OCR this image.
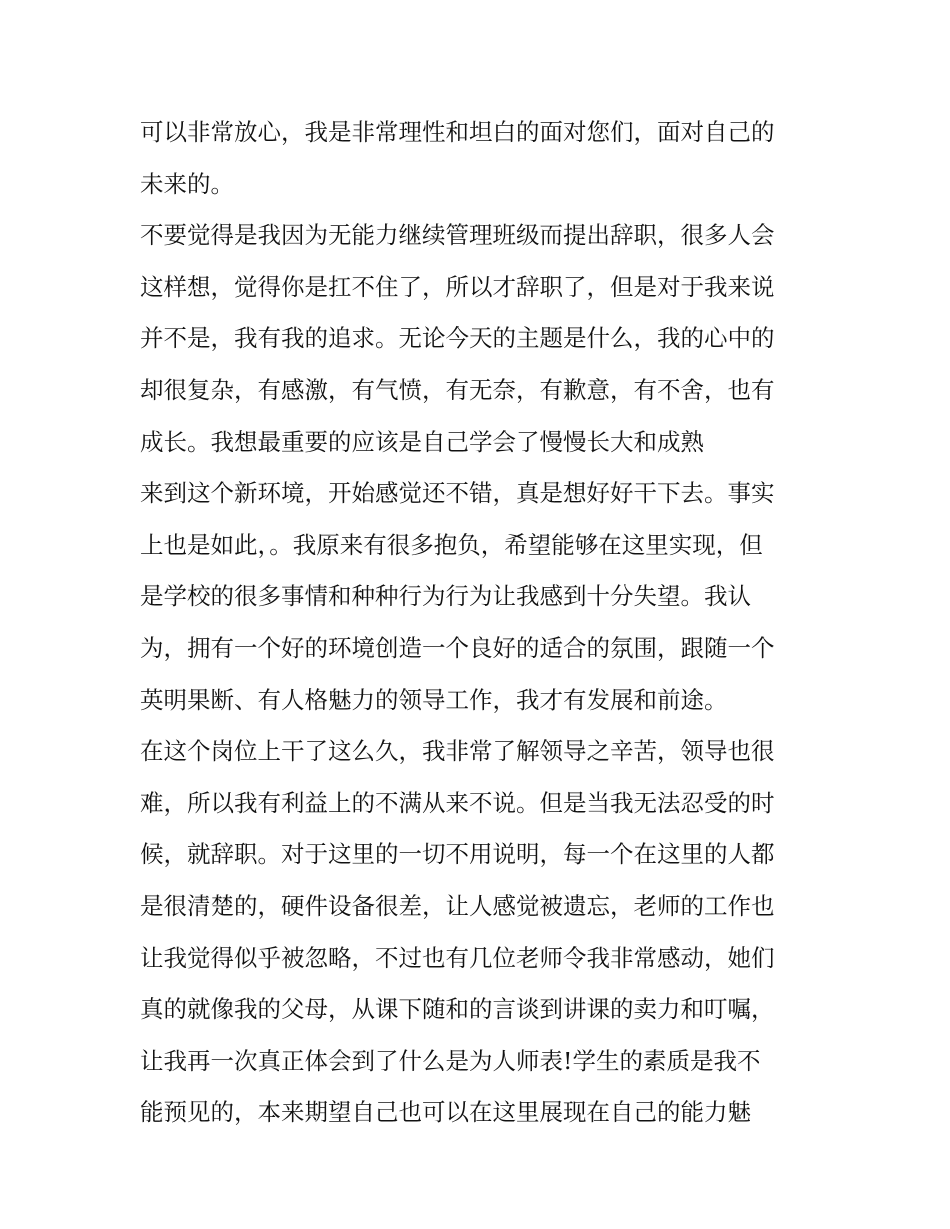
可以非常放心，我是非常理性和坦白的面对您们，面对自己的
未来的。
不要觉得是我因为无能力继续管理班级而提出辞职，很多人会
这样想，觉得你是扛不住了，所以才辞职了，但是对于我来说
并不是，我有我的追求。无论今天的主题是什么，我的心中的
却很复杂，有感激，有气愤，有无奈，有歉意，有不舍，也有
成长。我想最重要的应该是自己学会了慢慢长大和成熟
来到这个新环境，开始感觉还不错，真是想好好干下去。事实
上也是如此，。我原来有很多抱负，希望能够在这里实现，但
是学校的很多事情和种种行为行为让我感到十分失望。我认
为，拥有一个好的环境创造一个良好的适合的氛围，跟随一个
英明果断、有人格魅力的领导工作，我才有发展和前途。
在这个岗位上干了这么久，我非常了解领导之辛苦，领导也很
难，所以我有利益上的不满从来不说。但是当我无法忍受的时
候，就辞职。对于这里的一切不用说明，每一个在这里的人都
是很清楚的，硬件设备很差，让人感觉被遗忘，老师的工作也
让我觉得似乎被忽略，不过也有几位老师令我非常感动，她们
真的就像我的父母，从课下随和的言谈到讲课的卖力和叮嘱，
让我再一次真正体会到了什么是为人师表!学生的素质是我不
能预见的，本来期望自己也可以在这里展现在自己的能力魅
